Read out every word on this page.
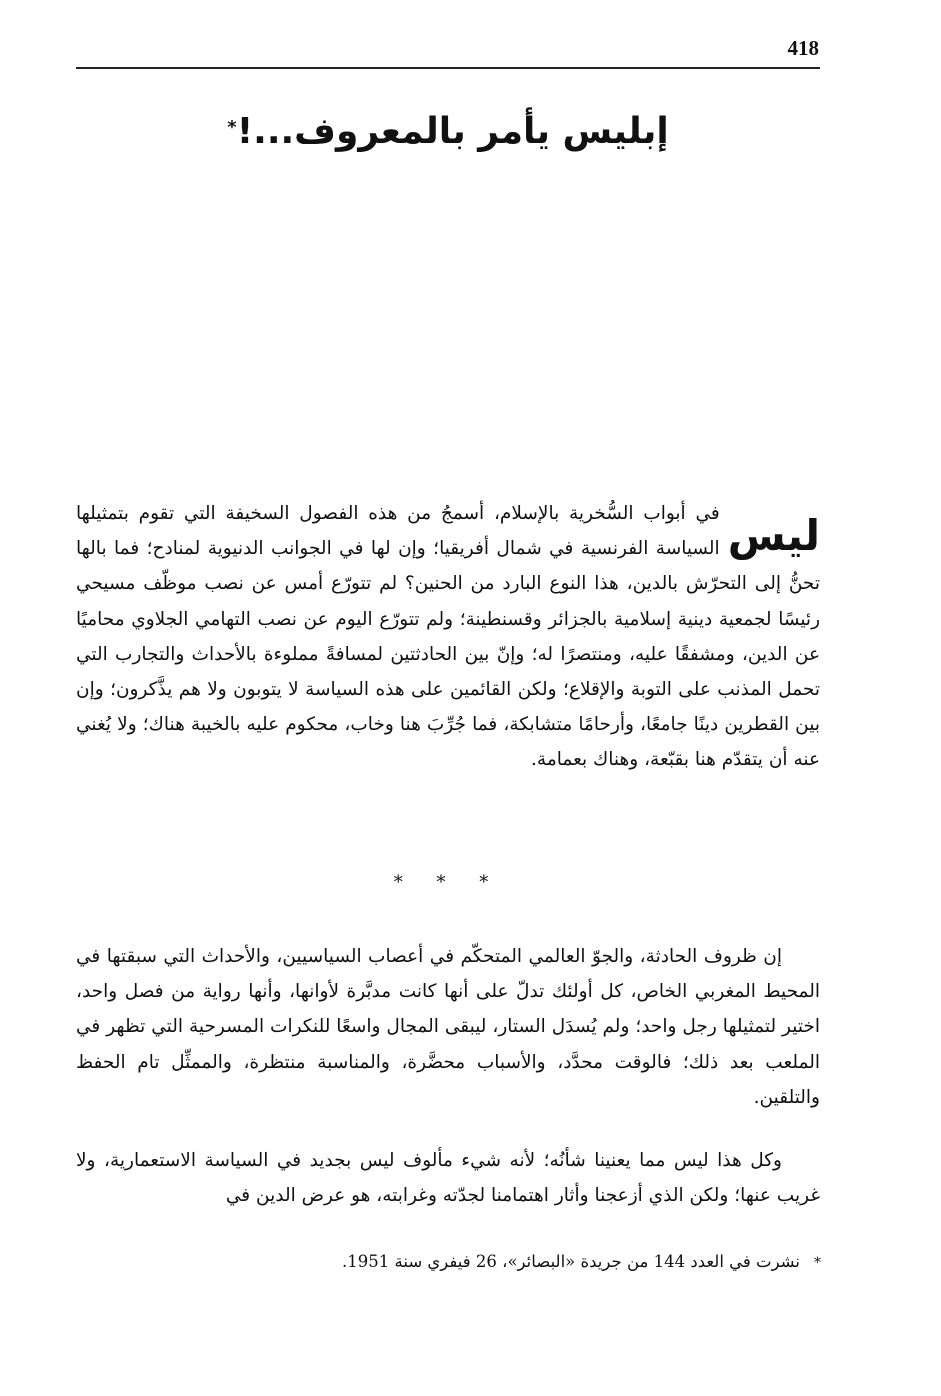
418
إبليس يأمر بالمعروف...!*
ليس
في أبواب السُّخرية بالإسلام، أسمجُ من هذه الفصول السخيفة التي تقوم بتمثيلها السياسة الفرنسية في شمال أفريقيا؛ وإن لها في الجوانب الدنيوية لمنادح؛ فما بالها تحنُّ إلى التحرّش بالدين، هذا النوع البارد من الحنين؟ لم تتورّع أمس عن نصب موظّف مسيحي رئيسًا لجمعية دينية إسلامية بالجزائر وقسنطينة؛ ولم تتورّع اليوم عن نصب التهامي الجلاوي محاميًا عن الدين، ومشفقًا عليه، ومنتصرًا له؛ وإنّ بين الحادثتين لمسافةً مملوءة بالأحداث والتجارب التي تحمل المذنب على التوبة والإقلاع؛ ولكن القائمين على هذه السياسة لا يتوبون ولا هم يذَّكرون؛ وإن بين القطرين دينًا جامعًا، وأرحامًا متشابكة، فما جُرِّبَ هنا وخاب، محكوم عليه بالخيبة هناك؛ ولا يُغني عنه أن يتقدّم هنا بقبّعة، وهناك بعمامة.
* * *
إن ظروف الحادثة، والجوّ العالمي المتحكّم في أعصاب السياسيين، والأحداث التي سبقتها في المحيط المغربي الخاص، كل أولئك تدلّ على أنها كانت مدبَّرة لأوانها، وأنها رواية من فصل واحد، اختير لتمثيلها رجل واحد؛ ولم يُسدَل الستار، ليبقى المجال واسعًا للنكرات المسرحية التي تظهر في الملعب بعد ذلك؛ فالوقت محدَّد، والأسباب محضَّرة، والمناسبة منتظرة، والممثِّل تام الحفظ والتلقين.
وكل هذا ليس مما يعنينا شأنُه؛ لأنه شيء مألوف ليس بجديد في السياسة الاستعمارية، ولا غريب عنها؛ ولكن الذي أزعجنا وأثار اهتمامنا لجدّته وغرابته، هو عرض الدين في
*نشرت في العدد 144 من جريدة «البصائر»، 26 فيفري سنة 1951.
